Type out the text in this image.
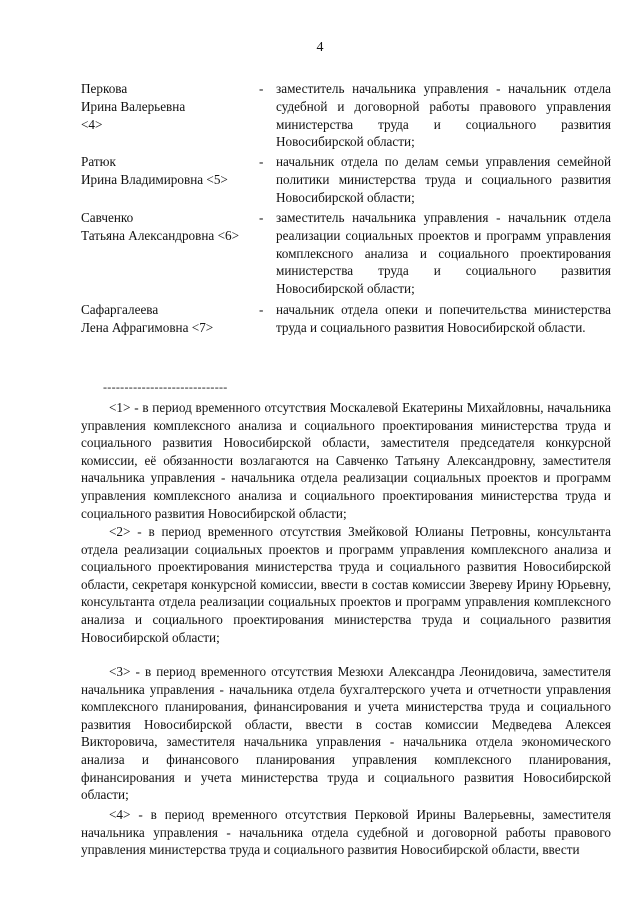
4
Перкова
Ирина Валерьевна
<4>
- заместитель начальника управления - начальник отдела судебной и договорной работы правового управления министерства труда и социального развития Новосибирской области;
Ратюк
Ирина Владимировна <5>
- начальник отдела по делам семьи управления семейной политики министерства труда и социального развития Новосибирской области;
Савченко
Татьяна Александровна <6>
- заместитель начальника управления - начальник отдела реализации социальных проектов и программ управления комплексного анализа и социального проектирования министерства труда и социального развития Новосибирской области;
Сафаргалеева
Лена Афрагимовна <7>
- начальник отдела опеки и попечительства министерства труда и социального развития Новосибирской области.
-----------------------------

<1> - в период временного отсутствия Москалевой Екатерины Михайловны, начальника управления комплексного анализа и социального проектирования министерства труда и социального развития Новосибирской области, заместителя председателя конкурсной комиссии, её обязанности возлагаются на Савченко Татьяну Александровну, заместителя начальника управления - начальника отдела реализации социальных проектов и программ управления комплексного анализа и социального проектирования министерства труда и социального развития Новосибирской области;

<2> - в период временного отсутствия Змейковой Юлианы Петровны, консультанта отдела реализации социальных проектов и программ управления комплексного анализа и социального проектирования министерства труда и социального развития Новосибирской области, секретаря конкурсной комиссии, ввести в состав комиссии Звереву Ирину Юрьевну, консультанта отдела реализации социальных проектов и программ управления комплексного анализа и социального проектирования министерства труда и социального развития Новосибирской области;

<3> - в период временного отсутствия Мезюхи Александра Леонидовича, заместителя начальника управления - начальника отдела бухгалтерского учета и отчетности управления комплексного планирования, финансирования и учета министерства труда и социального развития Новосибирской области, ввести в состав комиссии Медведева Алексея Викторовича, заместителя начальника управления - начальника отдела экономического анализа и финансового планирования управления комплексного планирования, финансирования и учета министерства труда и социального развития Новосибирской области;

<4> - в период временного отсутствия Перковой Ирины Валерьевны, заместителя начальника управления - начальника отдела судебной и договорной работы правового управления министерства труда и социального развития Новосибирской области, ввести
